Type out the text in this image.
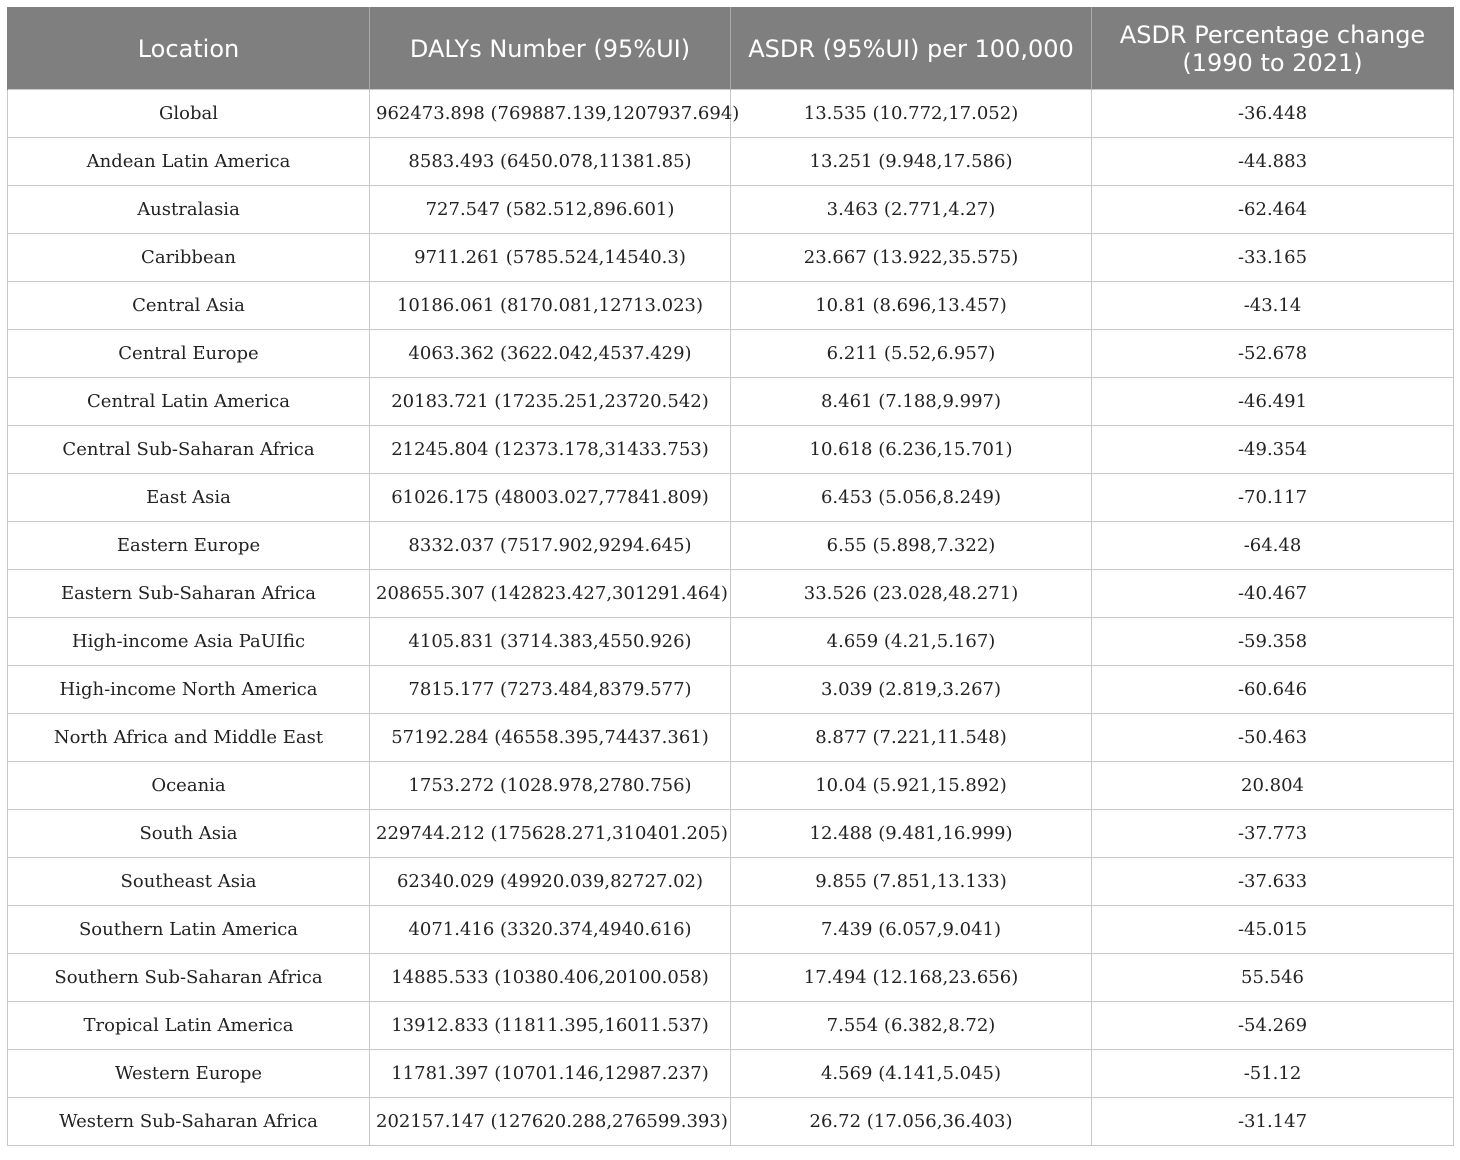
Location	DALYs Number (95%UI)	ASDR (95%UI) per 100,000	ASDR Percentage change
(1990 to 2021)

Global	962473.898 (769887.139,1207937.694)	13.535 (10.772,17.052)	-36.448
Andean Latin America	8583.493 (6450.078,11381.85)	13.251 (9.948,17.586)	-44.883
Australasia	727.547 (582.512,896.601)	3.463 (2.771,4.27)	-62.464
Caribbean	9711.261 (5785.524,14540.3)	23.667 (13.922,35.575)	-33.165
Central Asia	10186.061 (8170.081,12713.023)	10.81 (8.696,13.457)	-43.14
Central Europe	4063.362 (3622.042,4537.429)	6.211 (5.52,6.957)	-52.678
Central Latin America	20183.721 (17235.251,23720.542)	8.461 (7.188,9.997)	-46.491
Central Sub-Saharan Africa	21245.804 (12373.178,31433.753)	10.618 (6.236,15.701)	-49.354
East Asia	61026.175 (48003.027,77841.809)	6.453 (5.056,8.249)	-70.117
Eastern Europe	8332.037 (7517.902,9294.645)	6.55 (5.898,7.322)	-64.48
Eastern Sub-Saharan Africa	208655.307 (142823.427,301291.464)	33.526 (23.028,48.271)	-40.467
High-income Asia PaUIfic	4105.831 (3714.383,4550.926)	4.659 (4.21,5.167)	-59.358
High-income North America	7815.177 (7273.484,8379.577)	3.039 (2.819,3.267)	-60.646
North Africa and Middle East	57192.284 (46558.395,74437.361)	8.877 (7.221,11.548)	-50.463
Oceania	1753.272 (1028.978,2780.756)	10.04 (5.921,15.892)	20.804
South Asia	229744.212 (175628.271,310401.205)	12.488 (9.481,16.999)	-37.773
Southeast Asia	62340.029 (49920.039,82727.02)	9.855 (7.851,13.133)	-37.633
Southern Latin America	4071.416 (3320.374,4940.616)	7.439 (6.057,9.041)	-45.015
Southern Sub-Saharan Africa	14885.533 (10380.406,20100.058)	17.494 (12.168,23.656)	55.546
Tropical Latin America	13912.833 (11811.395,16011.537)	7.554 (6.382,8.72)	-54.269
Western Europe	11781.397 (10701.146,12987.237)	4.569 (4.141,5.045)	-51.12
Western Sub-Saharan Africa	202157.147 (127620.288,276599.393)	26.72 (17.056,36.403)	-31.147
